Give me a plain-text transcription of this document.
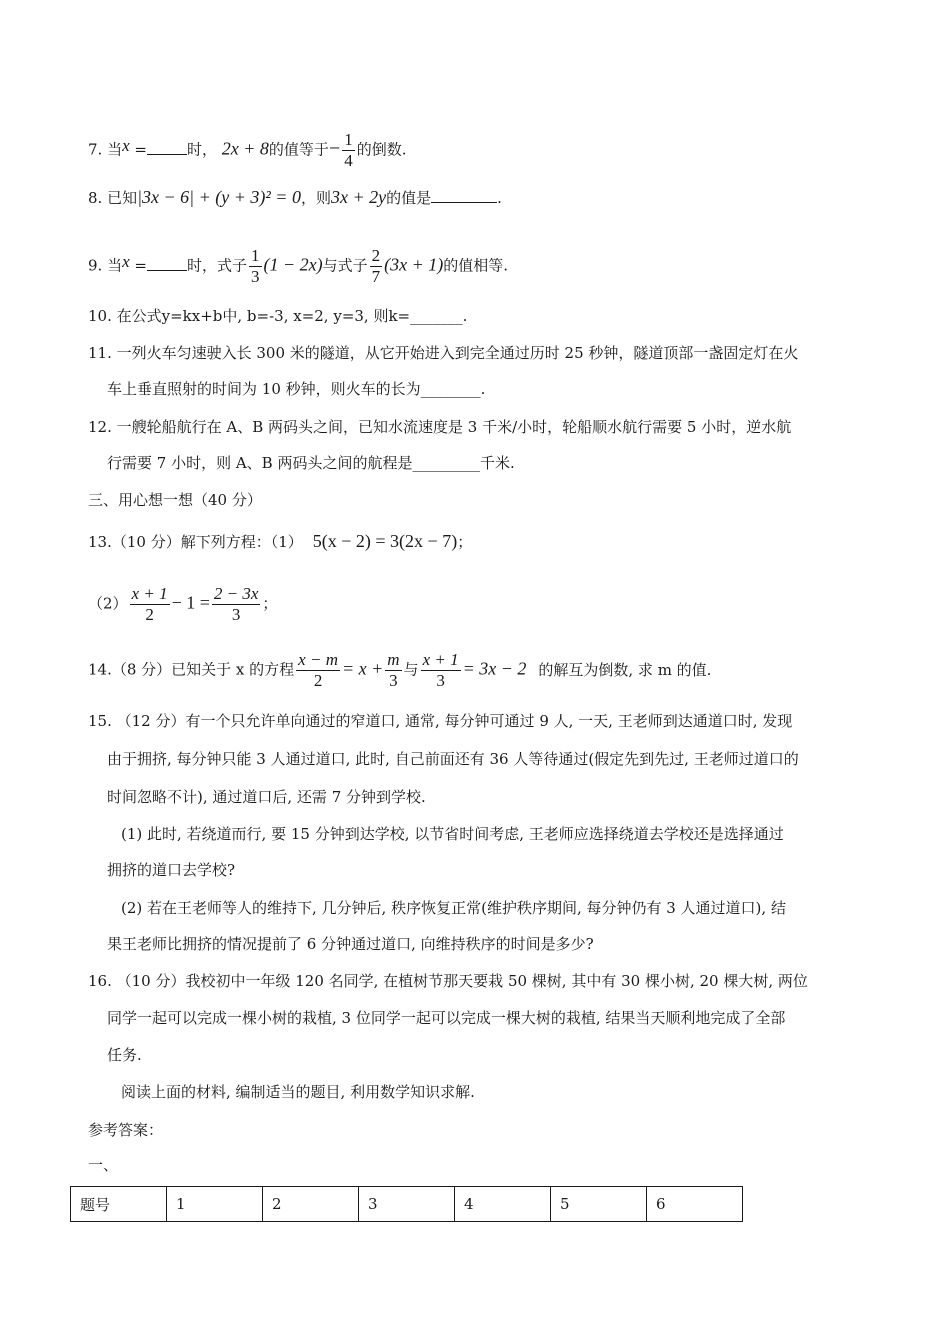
7. 当x =	时， 2x + 8的值等于− $\frac{1}{4}$ 的倒数.
8. 已知|3x − 6| + (y + 3)² = 0，则3x + 2y的值是	.
9. 当x =	时，式子 $\frac{1}{3} (1 - 2x)$与式子 $\frac{2}{7} (3x + 1)$的值相等.
10. 在公式y=kx+b中, b=-3, x=2, y=3, 则k=_______.
11. 一列火车匀速驶入长 300 米的隧道，从它开始进入到完全通过历时 25 秒钟，隧道顶部一盏固定灯在火
车上垂直照射的时间为 10 秒钟，则火车的长为________.
12. 一艘轮船航行在 A、B 两码头之间，已知水流速度是 3 千米/小时，轮船顺水航行需要 5 小时，逆水航
行需要 7 小时，则 A、B 两码头之间的航程是_________千米.
三、用心想一想（40 分）
13.（10 分）解下列方程：（1） 5(x − 2) = 3(2x − 7)；
$(2) \frac{x + 1}{2} - 1 = \frac{2 - 3x}{3}$ ；
14.（8 分）已知关于 x 的方程 $\frac{x - m}{2} = x + \frac{m}{3}$ 与 $\frac{x + 1}{3} = 3x - 2$ 的解互为倒数, 求 m 的值.
15. （12 分）有一个只允许单向通过的窄道口, 通常, 每分钟可通过 9 人, 一天, 王老师到达通道口时, 发现
由于拥挤, 每分钟只能 3 人通过道口, 此时, 自己前面还有 36 人等待通过(假定先到先过, 王老师过道口的
时间忽略不计), 通过道口后, 还需 7 分钟到学校.
(1) 此时, 若绕道而行, 要 15 分钟到达学校, 以节省时间考虑, 王老师应选择绕道去学校还是选择通过
拥挤的道口去学校?
(2) 若在王老师等人的维持下, 几分钟后, 秩序恢复正常(维护秩序期间, 每分钟仍有 3 人通过道口), 结
果王老师比拥挤的情况提前了 6 分钟通过道口, 向维持秩序的时间是多少?
16. （10 分）我校初中一年级 120 名同学, 在植树节那天要栽 50 棵树, 其中有 30 棵小树, 20 棵大树, 两位
同学一起可以完成一棵小树的栽植, 3 位同学一起可以完成一棵大树的栽植, 结果当天顺利地完成了全部
任务.
阅读上面的材料, 编制适当的题目, 利用数学知识求解.
参考答案：
一、
题号	1	2	3	4	5	6
